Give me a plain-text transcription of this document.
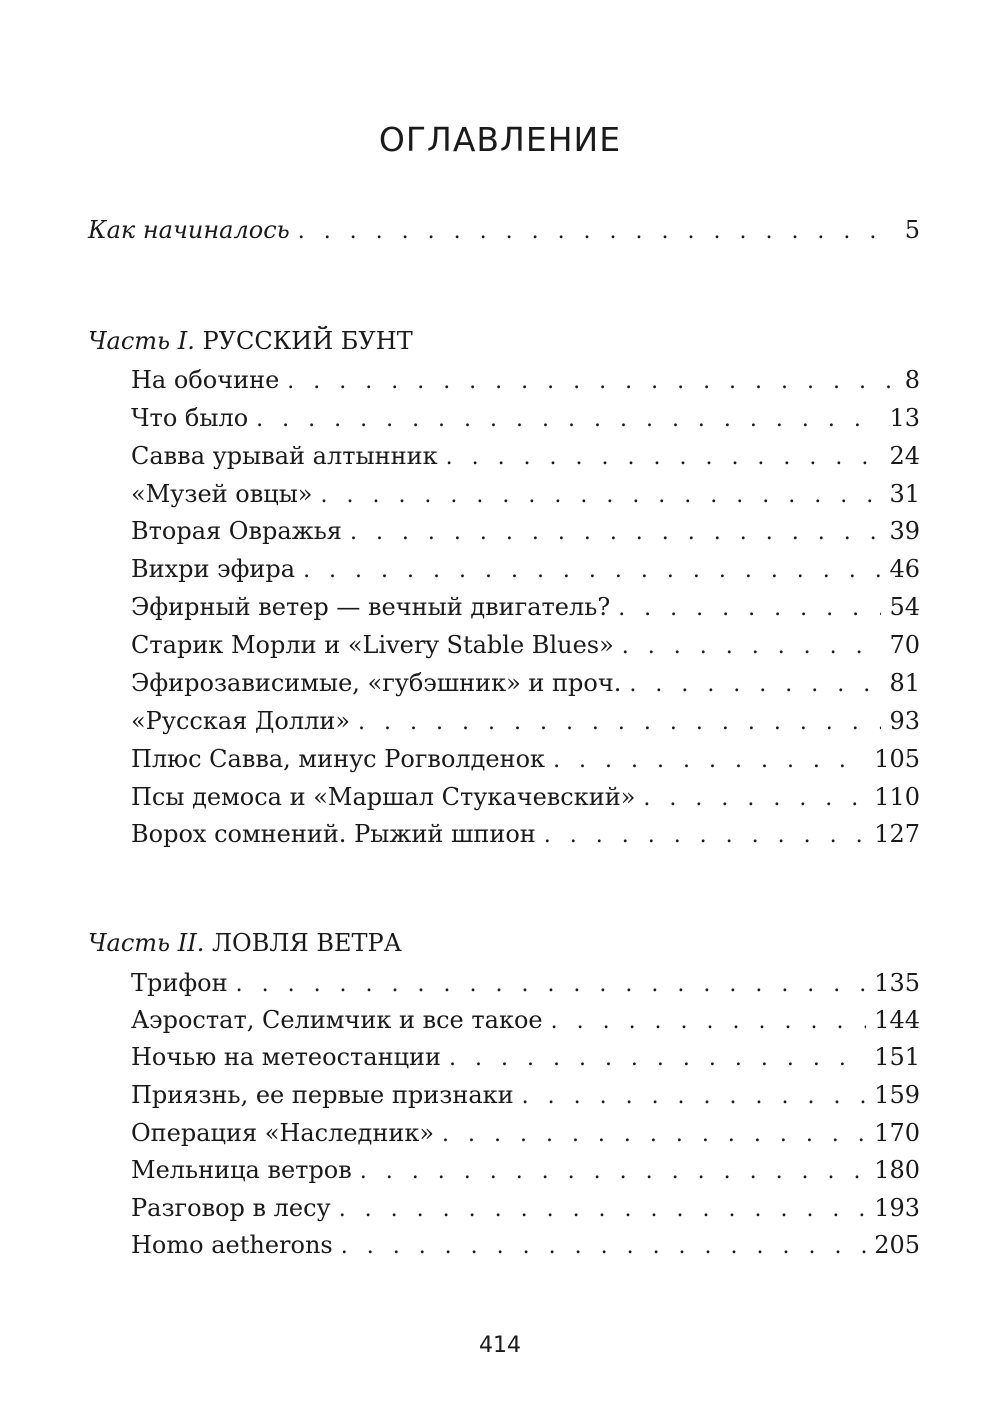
ОГЛАВЛЕНИЕ
Как начиналось . . .	5
Часть I. РУССКИЙ БУНТ
На обочине . . .	8
Что было . . .	13
Савва урывай алтынник . . .	24
«Музей овцы» . . .	31
Вторая Овражья . . .	39
Вихри эфира . . .	46
Эфирный ветер — вечный двигатель? . . .	54
Старик Морли и «Livery Stable Blues» . . .	70
Эфирозависимые, «губэшник» и проч. . . .	81
«Русская Долли» . . .	93
Плюс Савва, минус Рогволденок . . .	105
Псы демоса и «Маршал Стукачевский» . . .	110
Ворох сомнений. Рыжий шпион . . .	127
Часть II. ЛОВЛЯ ВЕТРА
Трифон . . .	135
Аэростат, Селимчик и все такое . . .	144
Ночью на метеостанции . . .	151
Приязнь, ее первые признаки . . .	159
Операция «Наследник» . . .	170
Мельница ветров . . .	180
Разговор в лесу . . .	193
Homo aetherons . . .	205
414
